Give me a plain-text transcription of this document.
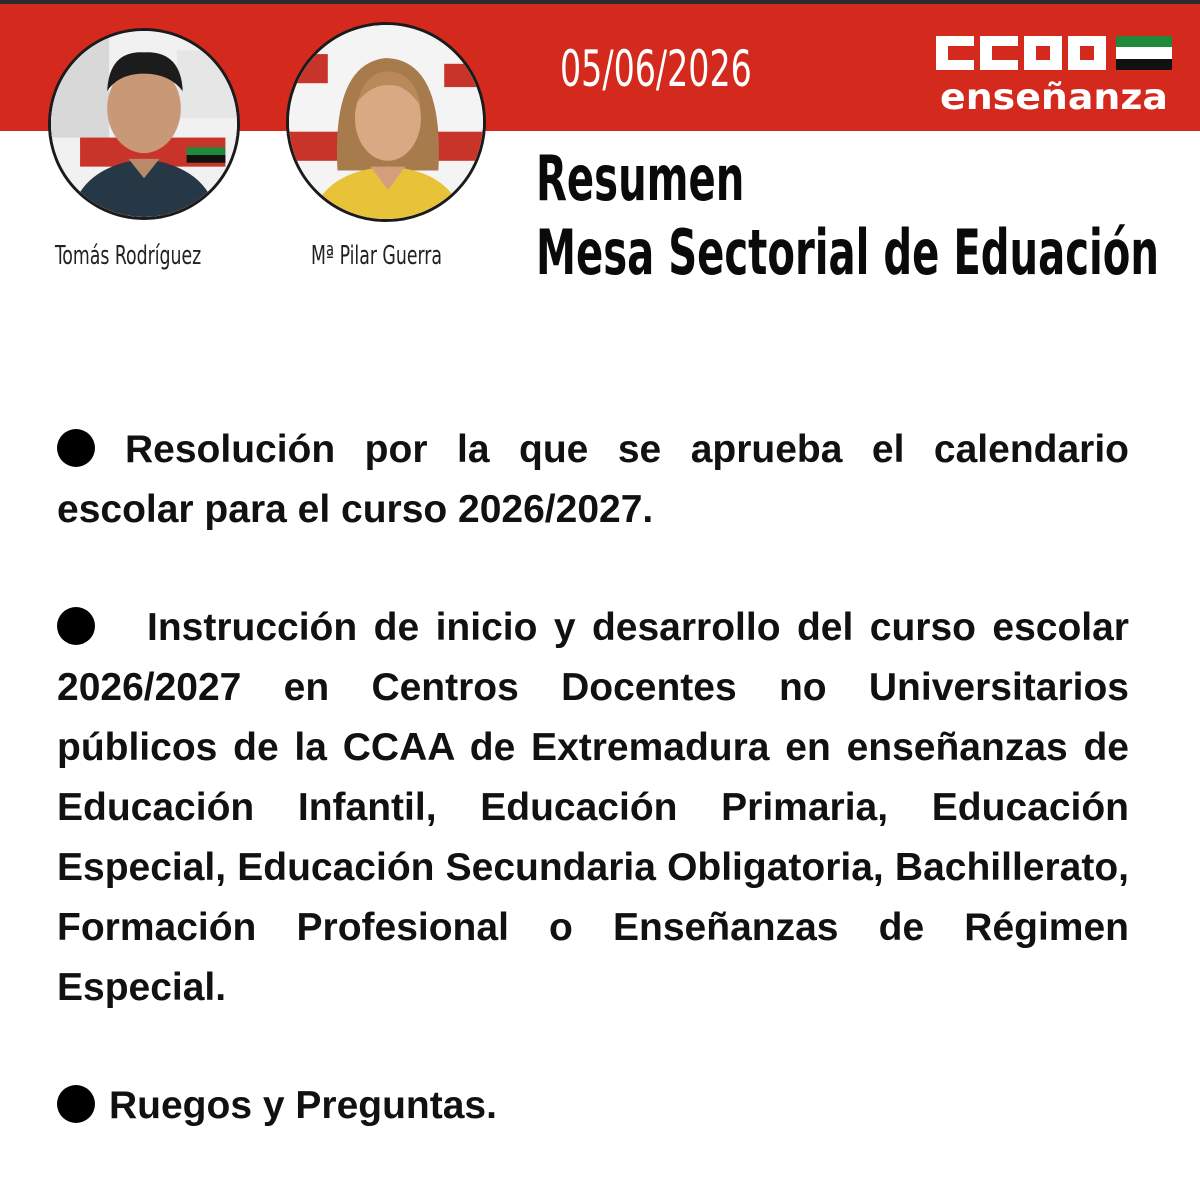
05/06/2026	enseñanza
Tomás Rodríguez	Mª Pilar Guerra
Resumen
Mesa Sectorial de Eduación

Resolución por la que se aprueba el calendario escolar para el curso 2026/2027.

Instrucción de inicio y desarrollo del curso escolar 2026/2027 en Centros Docentes no Universitarios públicos de la CCAA de Extremadura en enseñanzas de Educación Infantil, Educación Primaria, Educación Especial, Educación Secundaria Obligatoria, Bachillerato, Formación Profesional o Enseñanzas de Régimen Especial.

Ruegos y Preguntas.
